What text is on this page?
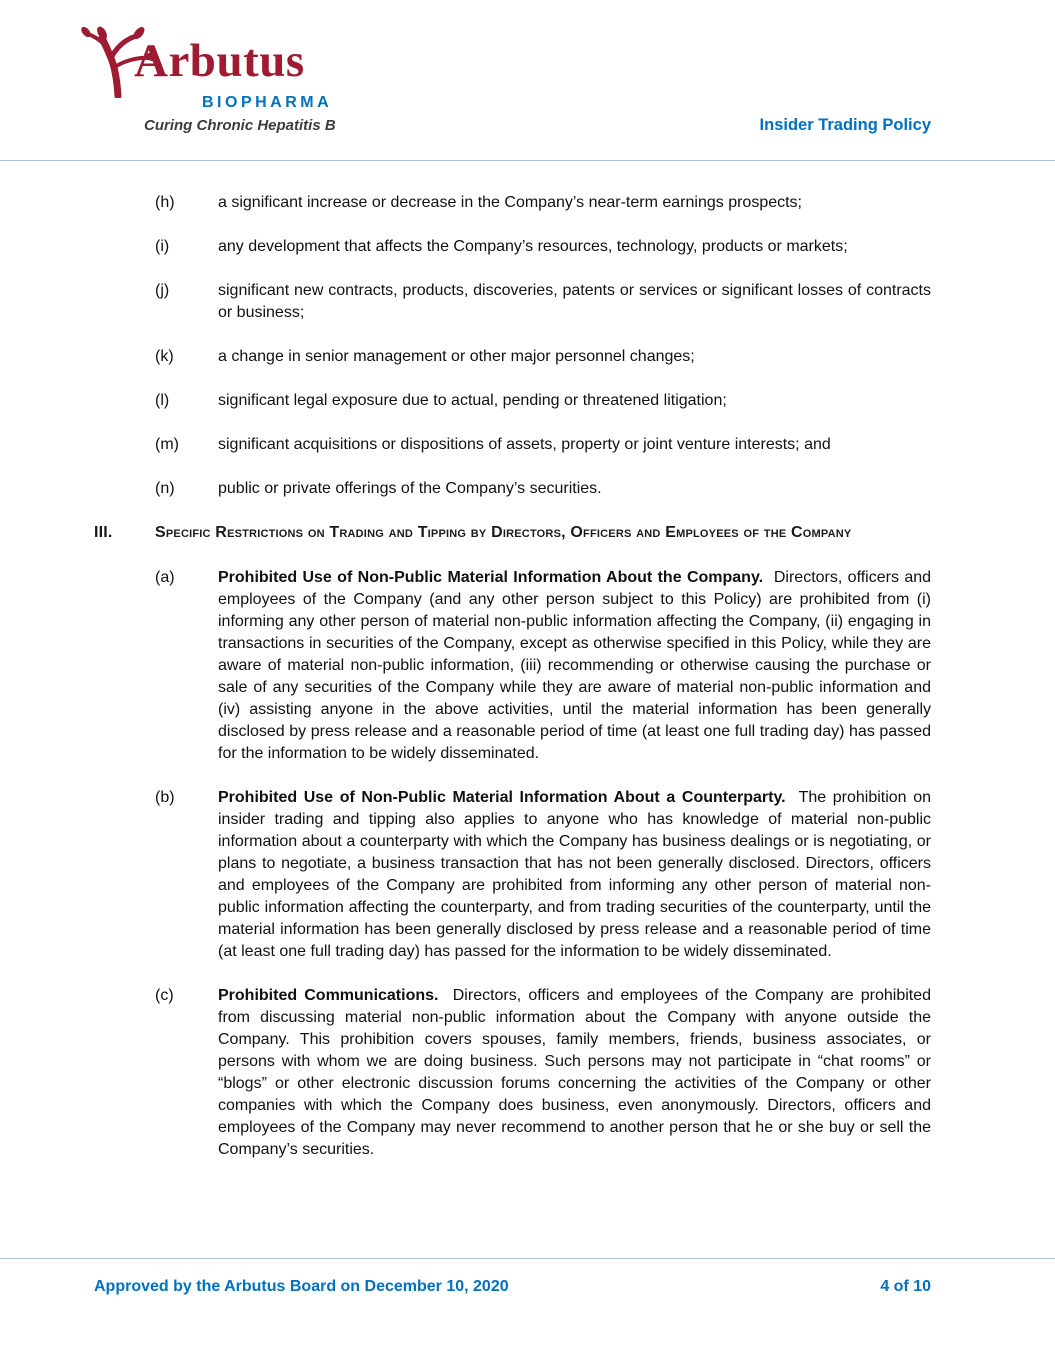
Arbutus
BIOPHARMA
Curing Chronic Hepatitis B	Insider Trading Policy
(h)	a significant increase or decrease in the Company’s near-term earnings prospects;

(i)	any development that affects the Company’s resources, technology, products or markets;

(j)	significant new contracts, products, discoveries, patents or services or significant losses of contracts or business;

(k)	a change in senior management or other major personnel changes;

(l)	significant legal exposure due to actual, pending or threatened litigation;

(m)	significant acquisitions or dispositions of assets, property or joint venture interests; and

(n)	public or private offerings of the Company’s securities.

III.	Specific Restrictions on Trading and Tipping by Directors, Officers and Employees of the Company
(a)	Prohibited Use of Non-Public Material Information About the Company. Directors, officers and employees of the Company (and any other person subject to this Policy) are prohibited from (i) informing any other person of material non-public information affecting the Company, (ii) engaging in transactions in securities of the Company, except as otherwise specified in this Policy, while they are aware of material non-public information, (iii) recommending or otherwise causing the purchase or sale of any securities of the Company while they are aware of material non-public information and (iv) assisting anyone in the above activities, until the material information has been generally disclosed by press release and a reasonable period of time (at least one full trading day) has passed for the information to be widely disseminated.

(b)	Prohibited Use of Non-Public Material Information About a Counterparty. The prohibition on insider trading and tipping also applies to anyone who has knowledge of material non-public information about a counterparty with which the Company has business dealings or is negotiating, or plans to negotiate, a business transaction that has not been generally disclosed. Directors, officers and employees of the Company are prohibited from informing any other person of material non-public information affecting the counterparty, and from trading securities of the counterparty, until the material information has been generally disclosed by press release and a reasonable period of time (at least one full trading day) has passed for the information to be widely disseminated.

(c)	Prohibited Communications. Directors, officers and employees of the Company are prohibited from discussing material non-public information about the Company with anyone outside the Company. This prohibition covers spouses, family members, friends, business associates, or persons with whom we are doing business. Such persons may not participate in “chat rooms” or “blogs” or other electronic discussion forums concerning the activities of the Company or other companies with which the Company does business, even anonymously. Directors, officers and employees of the Company may never recommend to another person that he or she buy or sell the Company’s securities.

Approved by the Arbutus Board on December 10, 2020	4 of 10
